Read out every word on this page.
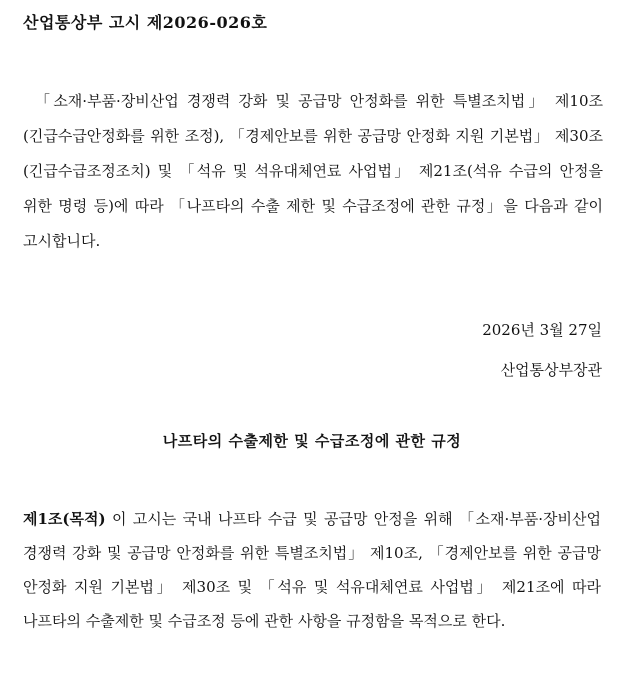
산업통상부 고시 제2026-026호
「소재·부품·장비산업 경쟁력 강화 및 공급망 안정화를 위한 특별조치법」 제10조(긴급수급안정화를 위한 조정), 「경제안보를 위한 공급망 안정화 지원 기본법」 제30조(긴급수급조정조치) 및 「석유 및 석유대체연료 사업법」 제21조(석유 수급의 안정을 위한 명령 등)에 따라 「나프타의 수출 제한 및 수급조정에 관한 규정」을 다음과 같이 고시합니다.
2026년 3월 27일
산업통상부장관
나프타의 수출제한 및 수급조정에 관한 규정
제1조(목적) 이 고시는 국내 나프타 수급 및 공급망 안정을 위해 「소재·부품·장비산업 경쟁력 강화 및 공급망 안정화를 위한 특별조치법」 제10조, 「경제안보를 위한 공급망 안정화 지원 기본법」 제30조 및 「석유 및 석유대체연료 사업법」 제21조에 따라 나프타의 수출제한 및 수급조정 등에 관한 사항을 규정함을 목적으로 한다.
